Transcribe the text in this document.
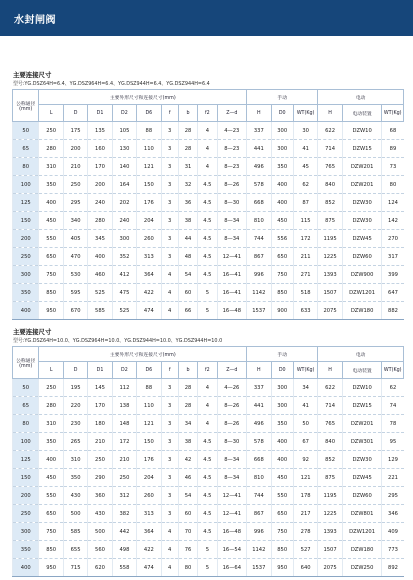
水封闸阀
主要连接尺寸
型号:YG.DSZ64H=6.4、YG.DSZ964H=6.4、YG.DSZ944H=6.4、YG.DSZ944H=6.4
公称通径(mm)	主要外形尺寸和连接尺寸(mm)									手动			电动		
	L	D	D1	D2	D6	f	b	f2	Z—d	H	D0	WT(Kg)	H	电动装置	WT(Kg)
50	250	175	135	105	88	3	28	4	4—23	337	300	30	622	DZW10	68
65	280	200	160	130	110	3	28	4	8—23	441	300	41	714	DZW15	89
80	310	210	170	140	121	3	31	4	8—23	496	350	45	765	DZW201	73
100	350	250	200	164	150	3	32	4.5	8—26	578	400	62	840	DZW201	80
125	400	295	240	202	176	3	36	4.5	8—30	668	400	87	852	DZW30	124
150	450	340	280	240	204	3	38	4.5	8—34	810	450	115	875	DZW30	142
200	550	405	345	300	260	3	44	4.5	8—34	744	556	172	1195	DZW45	270
250	650	470	400	352	313	3	48	4.5	12—41	867	650	211	1225	DZW60	317
300	750	530	460	412	364	4	54	4.5	16—41	996	750	271	1393	DZW900	399
350	850	595	525	475	422	4	60	5	16—41	1142	850	518	1507	DZW1201	647
400	950	670	585	525	474	4	66	5	16—48	1537	900	633	2075	DZW180	882
主要连接尺寸
型号:YG.DSZ64H=10.0、YG.DSZ964H=10.0、YG.DSZ944H=10.0、YG.DSZ944H=10.0
公称通径(mm)	主要外形尺寸和连接尺寸(mm)									手动			电动		
	L	D	D1	D2	D6	f	b	f2	Z—d	H	D0	WT(Kg)	H	电动装置	WT(Kg)
50	250	195	145	112	88	3	28	4	4—26	337	300	34	622	DZW10	62
65	280	220	170	138	110	3	28	4	8—26	441	300	41	714	DZW15	74
80	310	230	180	148	121	3	34	4	8—26	496	350	50	765	DZW201	78
100	350	265	210	172	150	3	38	4.5	8—30	578	400	67	840	DZW301	95
125	400	310	250	210	176	3	42	4.5	8—34	668	400	92	852	DZW30	129
150	450	350	290	250	204	3	46	4.5	8—34	810	450	121	875	DZW45	221
200	550	430	360	312	260	3	54	4.5	12—41	744	550	178	1195	DZW60	295
250	650	500	430	382	313	3	60	4.5	12—41	867	650	217	1225	DZW801	346
300	750	585	500	442	364	4	70	4.5	16—48	996	750	278	1393	DZW1201	409
350	850	655	560	498	422	4	76	5	16—54	1142	850	527	1507	DZW180	773
400	950	715	620	558	474	4	80	5	16—64	1537	950	640	2075	DZW250	892
